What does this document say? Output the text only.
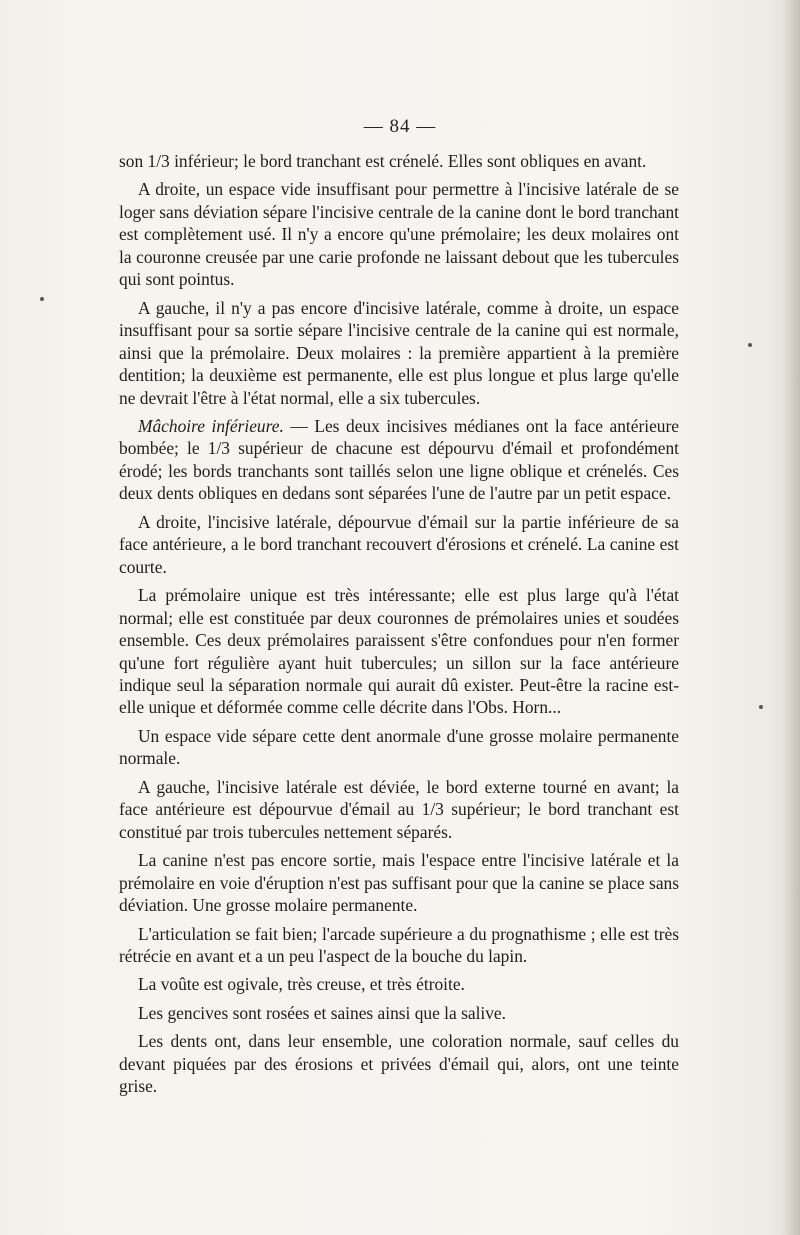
— 84 —

son 1/3 inférieur; le bord tranchant est crénelé. Elles sont obliques en avant.

A droite, un espace vide insuffisant pour permettre à l'incisive latérale de se loger sans déviation sépare l'incisive centrale de la canine dont le bord tranchant est complètement usé. Il n'y a encore qu'une prémolaire; les deux molaires ont la couronne creusée par une carie profonde ne laissant debout que les tubercules qui sont pointus.

A gauche, il n'y a pas encore d'incisive latérale, comme à droite, un espace insuffisant pour sa sortie sépare l'incisive centrale de la canine qui est normale, ainsi que la prémolaire. Deux molaires : la première appartient à la première dentition; la deuxième est permanente, elle est plus longue et plus large qu'elle ne devrait l'être à l'état normal, elle a six tubercules.

Mâchoire inférieure. — Les deux incisives médianes ont la face antérieure bombée; le 1/3 supérieur de chacune est dépourvu d'émail et profondément érodé; les bords tranchants sont taillés selon une ligne oblique et crénelés. Ces deux dents obliques en dedans sont séparées l'une de l'autre par un petit espace.

A droite, l'incisive latérale, dépourvue d'émail sur la partie inférieure de sa face antérieure, a le bord tranchant recouvert d'érosions et crénelé. La canine est courte.

La prémolaire unique est très intéressante; elle est plus large qu'à l'état normal; elle est constituée par deux couronnes de prémolaires unies et soudées ensemble. Ces deux prémolaires paraissent s'être confondues pour n'en former qu'une fort régulière ayant huit tubercules; un sillon sur la face antérieure indique seul la séparation normale qui aurait dû exister. Peut-être la racine est-elle unique et déformée comme celle décrite dans l'Obs. Horn...

Un espace vide sépare cette dent anormale d'une grosse molaire permanente normale.

A gauche, l'incisive latérale est déviée, le bord externe tourné en avant; la face antérieure est dépourvue d'émail au 1/3 supérieur; le bord tranchant est constitué par trois tubercules nettement séparés.

La canine n'est pas encore sortie, mais l'espace entre l'incisive latérale et la prémolaire en voie d'éruption n'est pas suffisant pour que la canine se place sans déviation. Une grosse molaire permanente.

L'articulation se fait bien; l'arcade supérieure a du prognathisme ; elle est très rétrécie en avant et a un peu l'aspect de la bouche du lapin.

La voûte est ogivale, très creuse, et très étroite.

Les gencives sont rosées et saines ainsi que la salive.

Les dents ont, dans leur ensemble, une coloration normale, sauf celles du devant piquées par des érosions et privées d'émail qui, alors, ont une teinte grise.
